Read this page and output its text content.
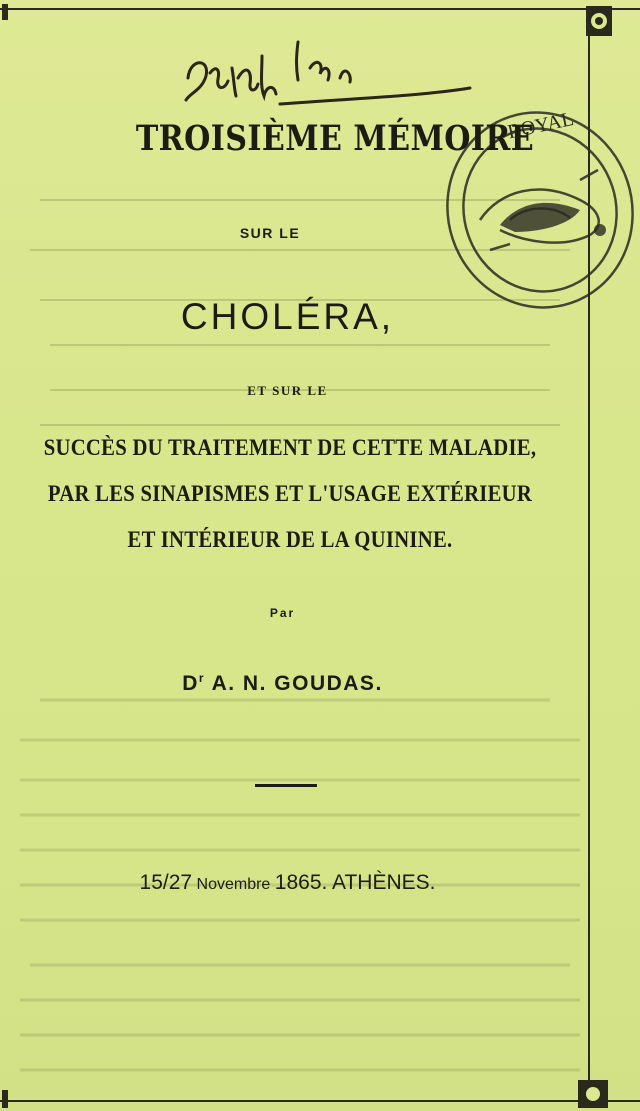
ROYAL
TROISIÈME MÉMOIRE
SUR LE
CHOLÉRA,
ET SUR LE
SUCCÈS DU TRAITEMENT DE CETTE MALADIE,
PAR LES SINAPISMES ET L'USAGE EXTÉRIEUR
ET INTÉRIEUR DE LA QUININE.
Par
$D^r$ A. N. GOUDAS.
15/27 Novembre 1865. ATHÈNES.
